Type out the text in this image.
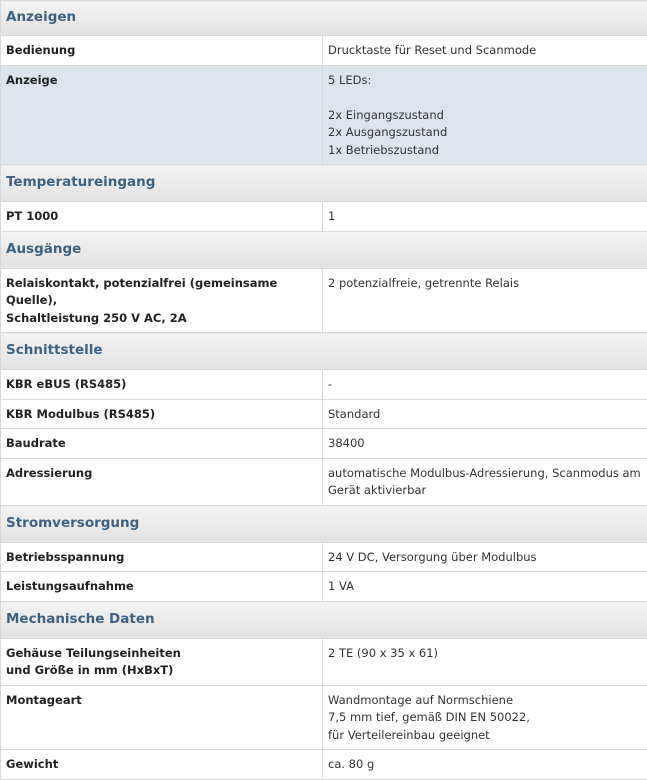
Anzeigen	
Bedienung	Drucktaste für Reset und Scanmode
Anzeige	5 LEDs:

2x Eingangszustand
2x Ausgangszustand
1x Betriebszustand
Temperatureingang	
PT 1000	1
Ausgänge	
Relaiskontakt, potenzialfrei (gemeinsame Quelle),
Schaltleistung 250 V AC, 2A	2 potenzialfreie, getrennte Relais
Schnittstelle	
KBR eBUS (RS485)	-
KBR Modulbus (RS485)	Standard
Baudrate	38400
Adressierung	automatische Modulbus-Adressierung, Scanmodus am Gerät aktivierbar
Stromversorgung	
Betriebsspannung	24 V DC, Versorgung über Modulbus
Leistungsaufnahme	1 VA
Mechanische Daten	
Gehäuse Teilungseinheiten
und Größe in mm (HxBxT)	2 TE (90 x 35 x 61)
Montageart	Wandmontage auf Normschiene
7,5 mm tief, gemäß DIN EN 50022,
für Verteilereinbau geeignet
Gewicht	ca. 80 g
